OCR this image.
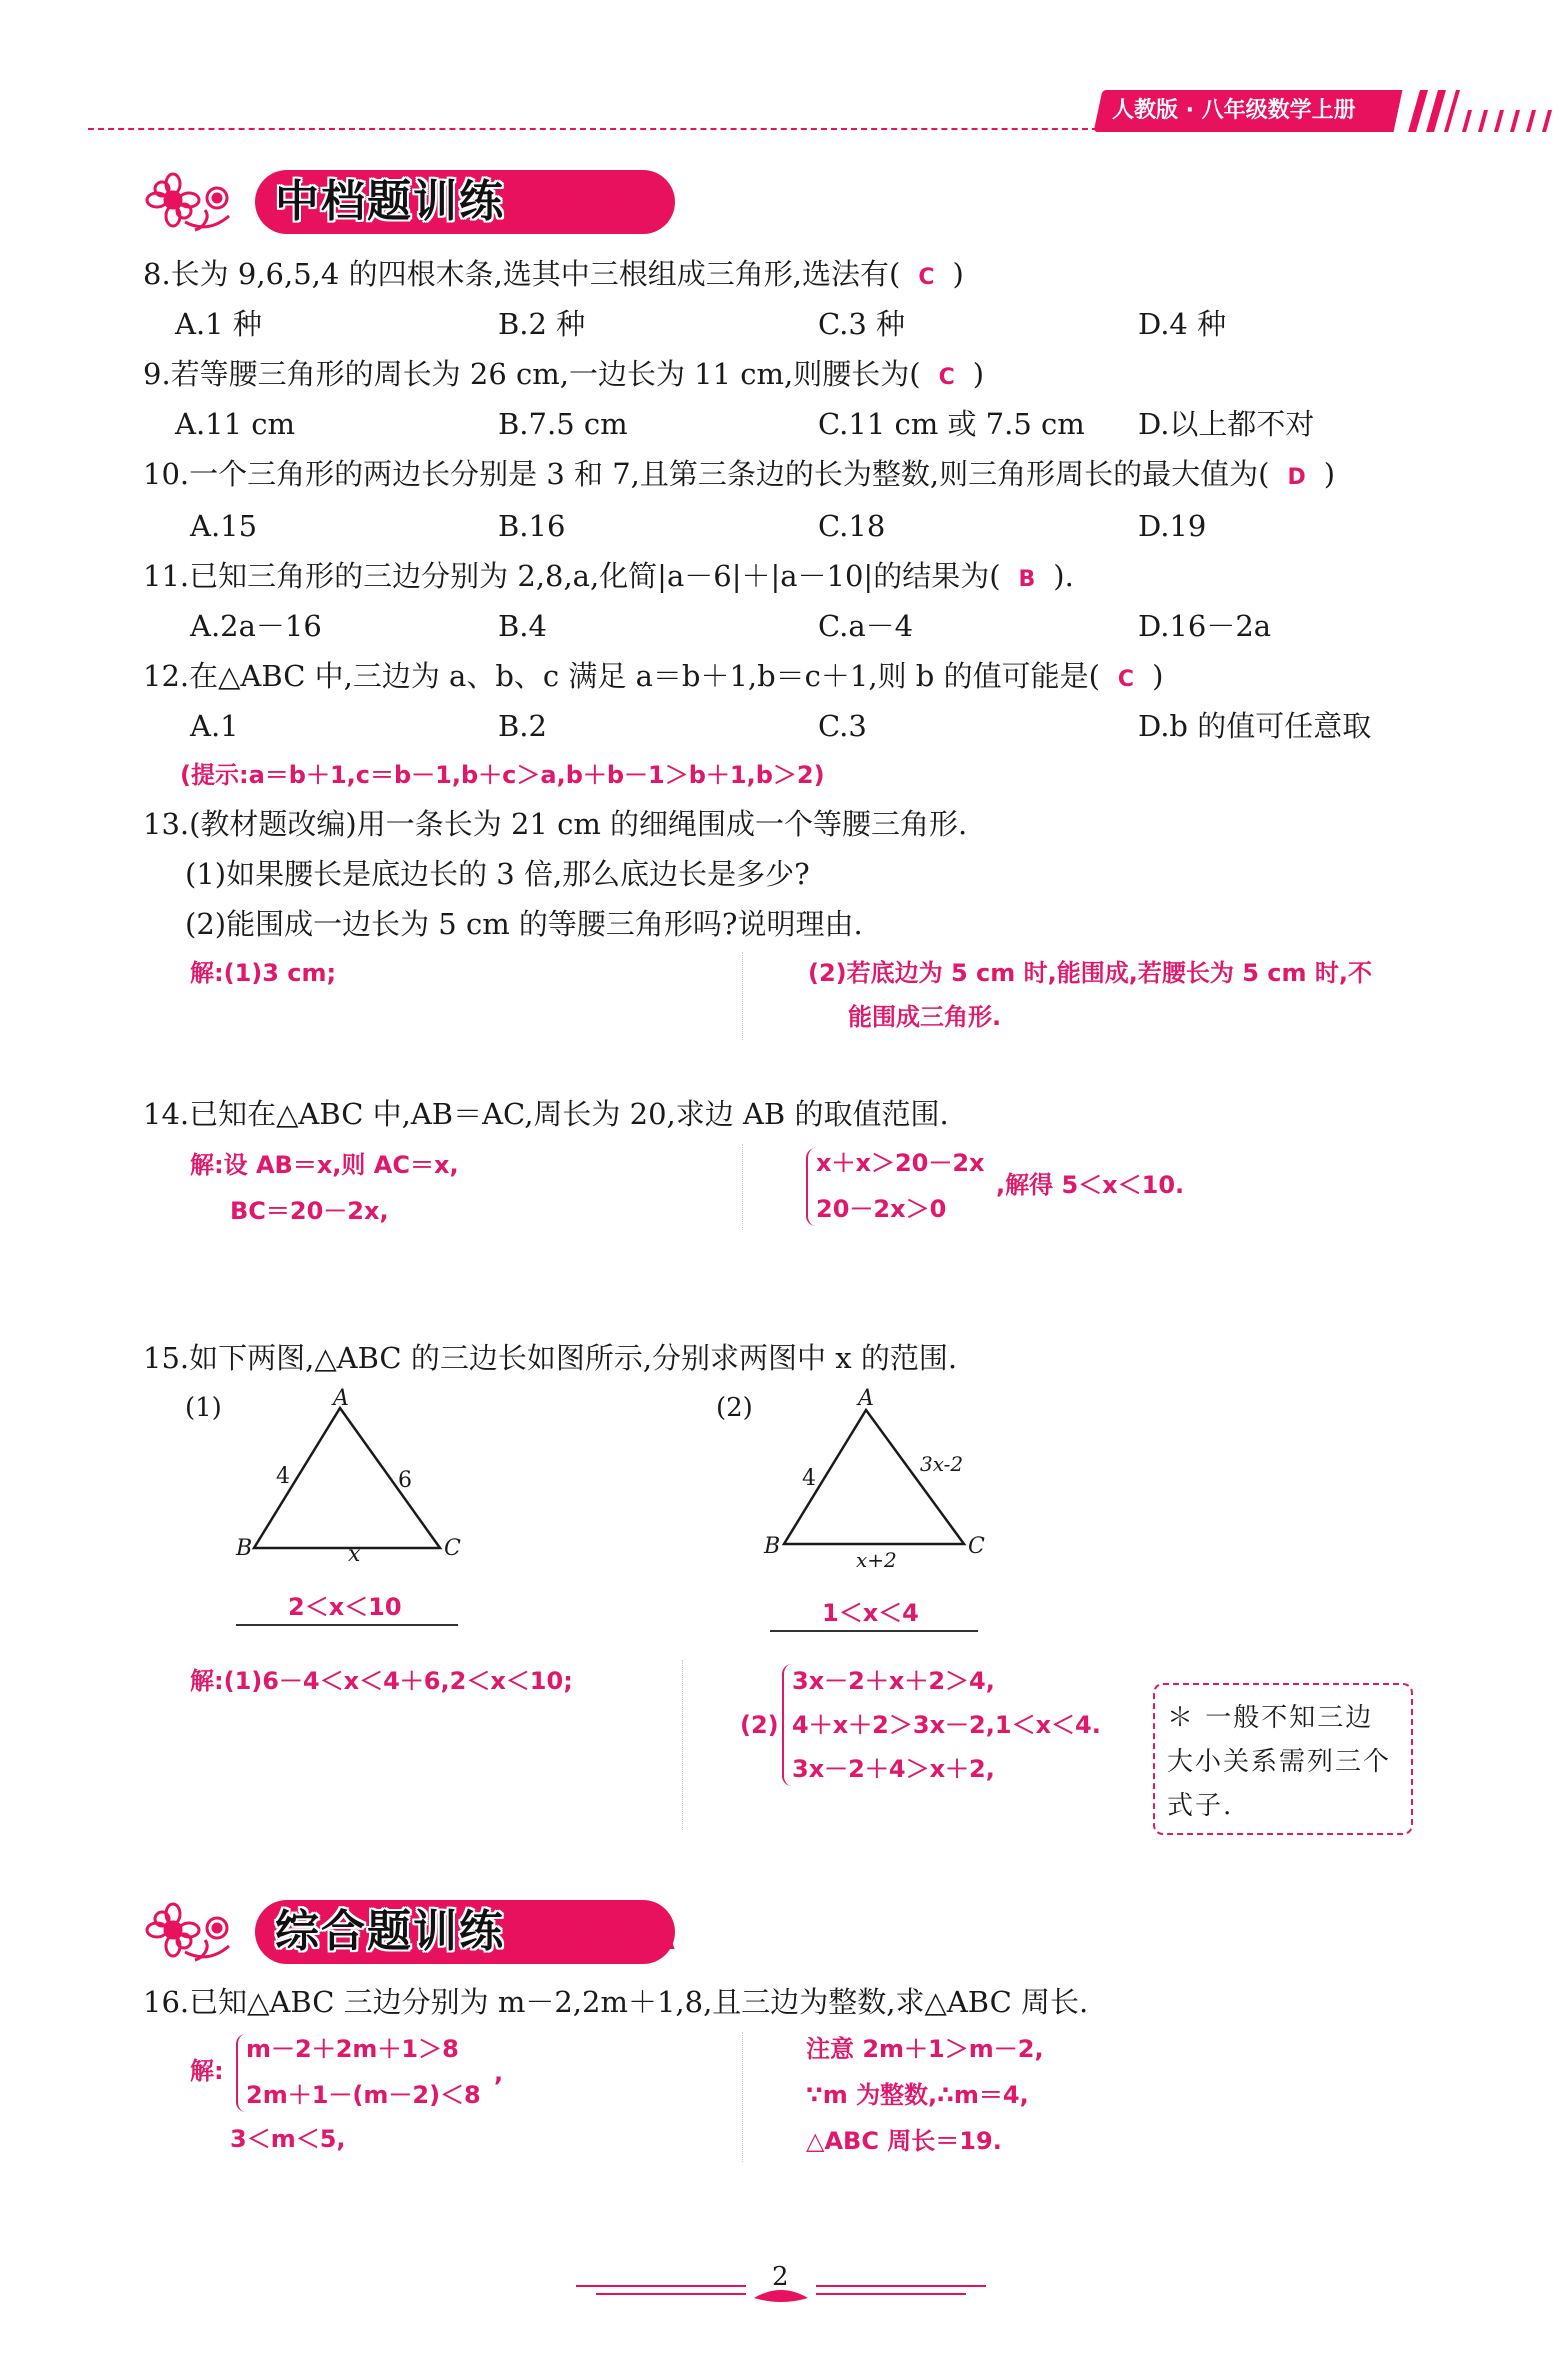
人教版 · 八年级数学上册
中档题训练 AA
8.长为 9,6,5,4 的四根木条,选其中三根组成三角形,选法有( C )
A.1 种	B.2 种	C.3 种	D.4 种
9.若等腰三角形的周长为 26 cm,一边长为 11 cm,则腰长为( C )
A.11 cm	B.7.5 cm	C.11 cm 或 7.5 cm D.以上都不对
10.一个三角形的两边长分别是 3 和 7,且第三条边的长为整数,则三角形周长的最大值为( D )
A.15	B.16	C.18	D.19
11.已知三角形的三边分别为 2,8,a,化简|a－6|＋|a－10|的结果为( B ).
A.2a－16	B.4	C.a－4	D.16－2a
12.在△ABC 中,三边为 a、b、c 满足 a＝b＋1,b＝c＋1,则 b 的值可能是( C )
A.1	B.2	C.3	D.b 的值可任意取
(提示:a＝b＋1,c＝b－1,b＋c＞a,b＋b－1＞b＋1,b＞2)
13.(教材题改编)用一条长为 21 cm 的细绳围成一个等腰三角形.
(1)如果腰长是底边长的 3 倍,那么底边长是多少?
(2)能围成一边长为 5 cm 的等腰三角形吗?说明理由.
解:(1)3 cm;	(2)若底边为 5 cm 时,能围成,若腰长为 5 cm 时,不
能围成三角形.
14.已知在△ABC 中,AB＝AC,周长为 20,求边 AB 的取值范围.
解:设 AB＝x,则 AC＝x,
BC＝20－2x,
x＋x＞20－2x
20－2x＞0
,解得 5＜x＜10.
15.如下两图,△ABC 的三边长如图所示,分别求两图中 x 的范围.
(1)	A
B	C
4	6
x
2＜x＜10
(2)	A
B	C
4
3x-2
x+2
1＜x＜4
解:(1)6－4＜x＜4＋6,2＜x＜10;
(2)
3x－2＋x＋2＞4,
4＋x＋2＞3x－2,1＜x＜4.
3x－2＋4＞x＋2,
＊ 一般不知三边
大小关系需列三个
式子.
综合题训练 AAA
16.已知△ABC 三边分别为 m－2,2m＋1,8,且三边为整数,求△ABC 周长.
解:
m－2＋2m＋1＞8
2m＋1－(m－2)＜8
,
3＜m＜5,
注意 2m＋1＞m－2,
∵m 为整数,∴m＝4,
△ABC 周长＝19.
2
